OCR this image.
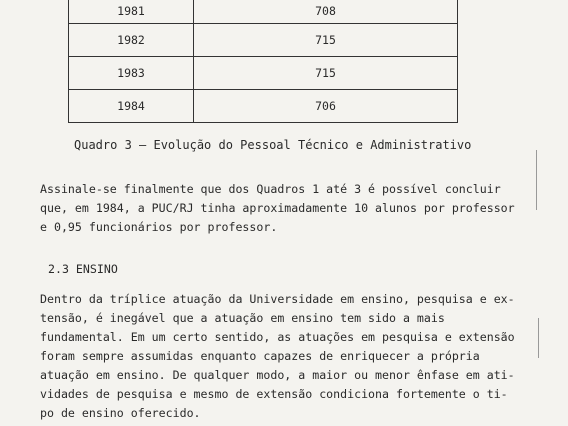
1981	708
1982	715
1983	715
1984	706
Quadro 3 — Evolução do Pessoal Técnico e Administrativo
Assinale-se finalmente que dos Quadros 1 até 3 é possível concluir
que, em 1984, a PUC/RJ tinha aproximadamente 10 alunos por professor
e 0,95 funcionários por professor.
2.3 ENSINO
Dentro da tríplice atuação da Universidade em ensino, pesquisa e ex-
tensão, é inegável que a atuação em ensino tem sido a mais
fundamental. Em um certo sentido, as atuações em pesquisa e extensão
foram sempre assumidas enquanto capazes de enriquecer a própria
atuação em ensino. De qualquer modo, a maior ou menor ênfase em ati-
vidades de pesquisa e mesmo de extensão condiciona fortemente o ti-
po de ensino oferecido.
